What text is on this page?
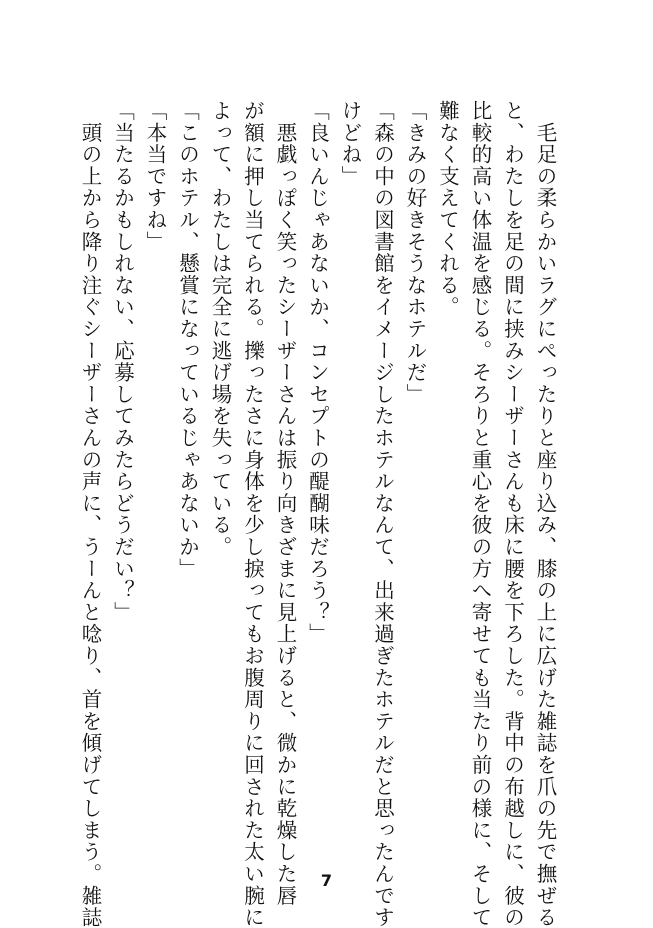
　毛足の柔らかいラグにぺったりと座り込み、膝の上に広げた雑誌を爪の先で撫ぜる
と、わたしを足の間に挟みシーザーさんも床に腰を下ろした。背中の布越しに、彼の
比較的高い体温を感じる。そろりと重心を彼の方へ寄せても当たり前の様に、そして
難なく支えてくれる。
「きみの好きそうなホテルだ」
「森の中の図書館をイメージしたホテルなんて、出来過ぎたホテルだと思ったんです
けどね」
「良いんじゃあないか、コンセプトの醍醐味だろう？」
　悪戯っぽく笑ったシーザーさんは振り向きざまに見上げると、微かに乾燥した唇
が額に押し当てられる。擽ったさに身体を少し捩ってもお腹周りに回された太い腕に
よって、わたしは完全に逃げ場を失っている。
「このホテル、懸賞になっているじゃあないか」
「本当ですね」
「当たるかもしれない、応募してみたらどうだい？」
　頭の上から降り注ぐシーザーさんの声に、うーんと唸り、首を傾げてしまう。雑誌	7
